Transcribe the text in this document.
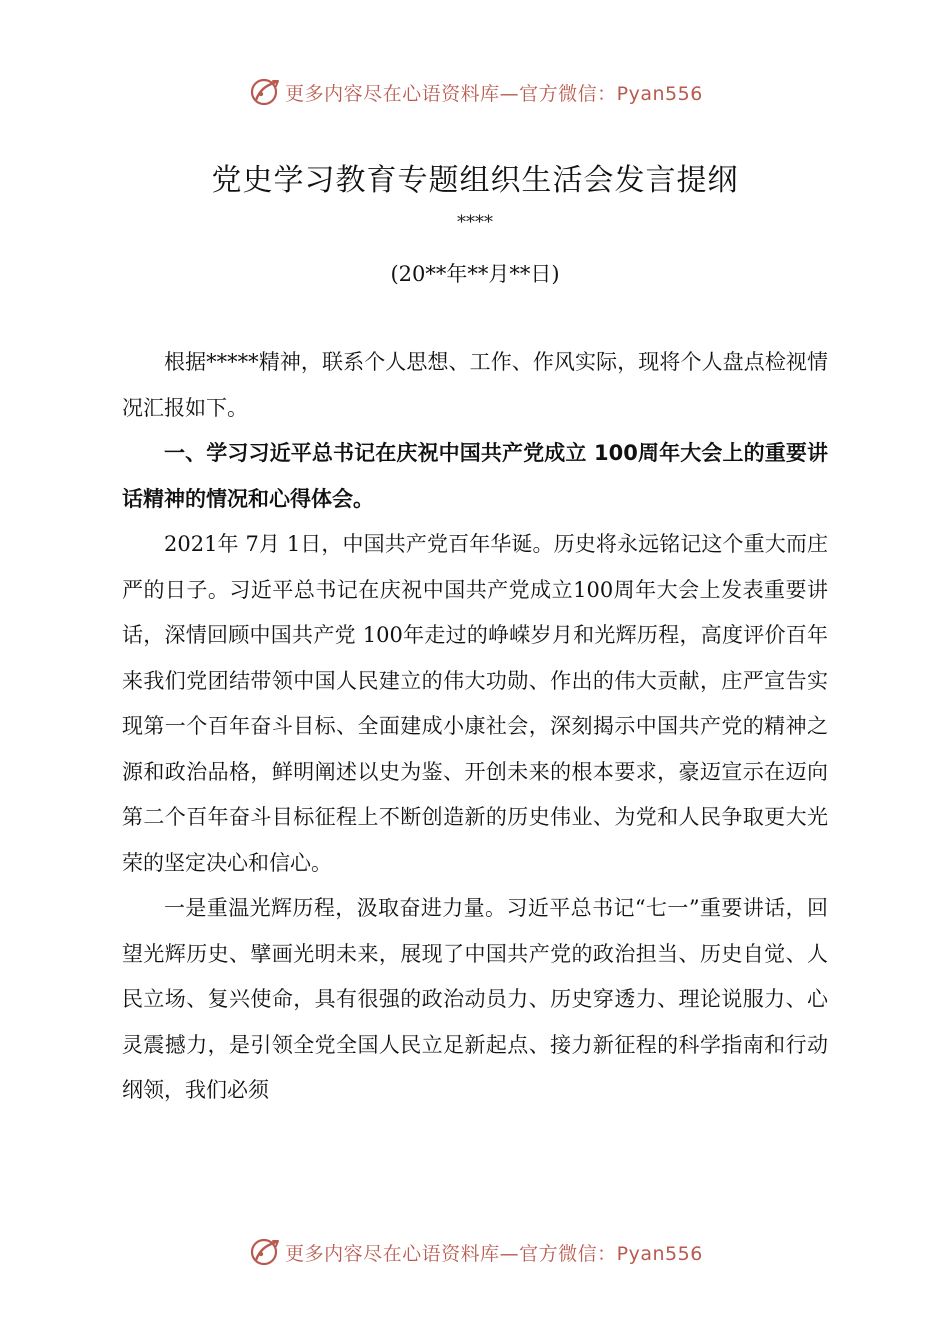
更多内容尽在心语资料库—官方微信：Pyan556
党史学习教育专题组织生活会发言提纲
****
(20**年**月**日)

根据*****精神，联系个人思想、工作、作风实际，现将个人盘点检视情况汇报如下。

一、学习习近平总书记在庆祝中国共产党成立 100周年大会上的重要讲话精神的情况和心得体会。

2021年 7月 1日，中国共产党百年华诞。历史将永远铭记这个重大而庄严的日子。习近平总书记在庆祝中国共产党成立100周年大会上发表重要讲话，深情回顾中国共产党 100年走过的峥嵘岁月和光辉历程，高度评价百年来我们党团结带领中国人民建立的伟大功勋、作出的伟大贡献，庄严宣告实现第一个百年奋斗目标、全面建成小康社会，深刻揭示中国共产党的精神之源和政治品格，鲜明阐述以史为鉴、开创未来的根本要求，豪迈宣示在迈向第二个百年奋斗目标征程上不断创造新的历史伟业、为党和人民争取更大光荣的坚定决心和信心。

一是重温光辉历程，汲取奋进力量。习近平总书记“七一”重要讲话，回望光辉历史、擘画光明未来，展现了中国共产党的政治担当、历史自觉、人民立场、复兴使命，具有很强的政治动员力、历史穿透力、理论说服力、心灵震撼力，是引领全党全国人民立足新起点、接力新征程的科学指南和行动纲领，我们必须

更多内容尽在心语资料库—官方微信：Pyan556
